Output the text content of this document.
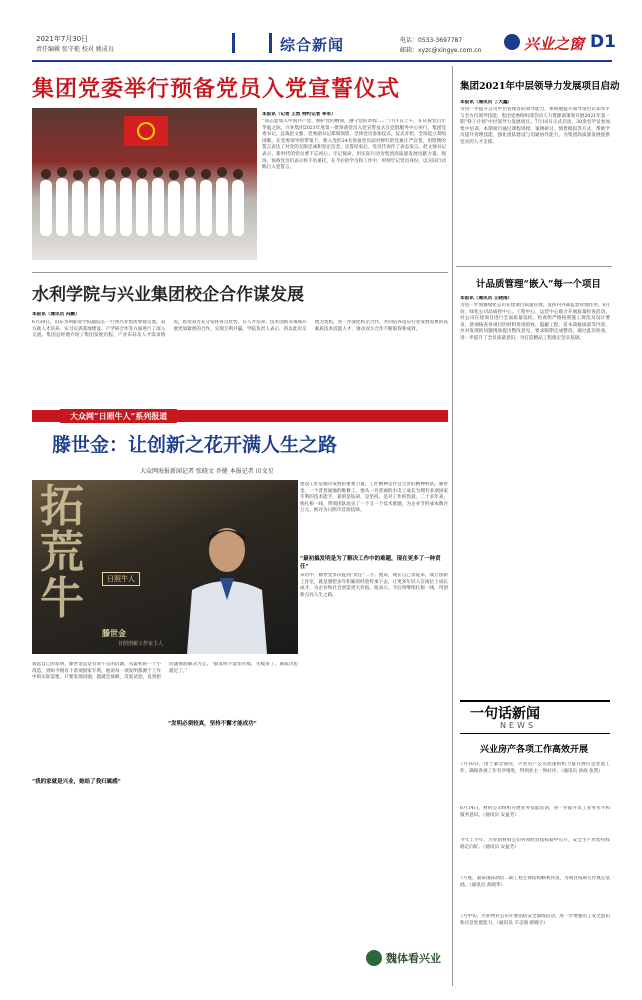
2021年7月30日
责任编辑 张守艳 校对 姚成良	综合新闻	电话：0533-3697787
邮箱：xyzc@xingye.com.cn	兴业之窗 D1
集团党委举行预备党员入党宣誓仪式
本报讯（记者 王然 特约记者 李军）
“我志愿加入中国共产党，拥护党的纲领，遵守党的章程……”7月1日上午，在庆祝党百年华诞之际，兴业集团2021年度第一批预备党员入党宣誓仪式在党群服务中心举行，集团党委书记、总裁赵文强、党委副书记郑瑞领誓，全体党员参加仪式。仪式开始，全场起立奏唱国歌。在党委领导的带领下，新入党的24名预备党员面对鲜红的党旗庄严宣誓，用铿锵的誓言表达了对党的无限忠诚和坚定信念。宣誓结束后，党员代表作了表态发言。赵文强书记表示，新时代的党员要不忘初心、牢记使命，用实际行动为集团高质量发展贡献力量。现场，预备党员们表示将不负重托，在今后的学习和工作中，时刻牢记党员身份，以实际行动践行入党誓言。
水利学院与兴业集团校企合作谋发展
本报讯（通讯员 冯鹏）
6月30日，山东水利职业学院副院长一行到兴业集团参观交流。双方就人才培养、实习实训基地建设、产学研合作等方面进行了深入交流。集团总经理介绍了集团发展历程、产业布局及人才需求情况，希望双方充分发挥各自优势，在人才培养、技术创新等领域开展更加紧密的合作，实现互利共赢。学院负责人表示，将以此次交流为契机，进一步深化校企合作，共同培养适应行业发展需要的高素质技术技能人才，推动双方合作不断取得新成效。
大众网“日照牛人”系列报道
滕世金：让创新之花开满人生之路
大众网海报新闻记者 张晓文 乔健 本报记者 田文星
拓荒牛	日照牛人
滕世金
日照创新工作室主人
建设工匠是城市发展的重要力量，工匠精神是社会宝贵的精神财富。滕世金，一个普普通通的维修工，他从一名普通的水电工成长为拥有多项国家专利的技术能手，靠的是钻研、是坚持、是对工作的热爱。二十多年来，他扎根一线，带领团队攻克了一个又一个技术难题，为企业节约成本数百万元，被评为日照市首席技师。
“最初搞发明是为了解决工作中的难题，现在更多了一种责任”
采访中，滕世金多次提到“责任”二字。他说，现在自己带徒弟，成立创新工作室，就是想把多年积累的经验传承下去，让更多年轻人在岗位上成长成才，为企业和社会创造更大价值。他表示，今后将继续扎根一线，用创新点亮人生之路。
谈起自己的发明，滕世金总是有说不完的话题。从最初的一个小改造，到如今拥有十余项国家专利，他说每一项发明都源于工作中的实际需要。只要发现问题，他就会琢磨，反复试验，直到把问题彻底解决为止。“搞发明不能怕失败，失败多了，离成功也就近了。”
“我的家就是兴业，她给了我归属感”
“发明必须较真，坚持不懈才能成功”
集团2021年中层领导力发展项目启动
本报讯（通讯员 丁大鑫）
为进一步提升公司中层管理者的领导能力，系统地提升领导角色认知水平与全方位领导技能，集团党委组织部会同人力资源部策划开展2021年第一期“脊干计划”中层领导力发展项目。7月16日正式启动，30余名学员参加集中培训。本期项目通过课程讲授、案例研讨、情景模拟等方式，帮助学员提升管理技能，强化团队建设与沟通协作能力，为集团高质量发展提供坚实的人才支撑。
计品质管理“嵌入”每一个项目
本报讯（通讯员 王晓雨）
为进一步加强绿化公司在建项目质量管理，发挥内外部监督管理作用，6月份，绿化公司品质控中心、工程中心、运营中心联合开展质量检查活动，对公司在建项目进行全面质量巡检。检查组严格按照施工规范及设计要求，逐项核查各项目的材料进场验收、隐蔽工程、苗木栽植质量等内容，并对发现的问题现场提出整改意见，要求限期完成整改。通过此次检查，进一步提升了全员质量意识，为打造精品工程奠定坚实基础。
一句话新闻
NEWS
兴业房产各项工作高效开展
7月10日，由于紧急情况，兴业房产公司迅速组织力量开展应急处置工作，确保各项工作有序推进，得到业主一致好评。（通讯员 孙政 张凯）
6月14日，材料公司组织开展业务技能培训，进一步提升员工业务水平和服务意识。（通讯员 安盆芳）
今年上半年，兴业新材料公司各项经营指标稳中有升，安全生产形势持续稳定向好。（通讯员 安盆芳）
7月底，嘉泰国际酒店二期工程主体结构顺利封顶，为项目按期交付奠定基础。（通讯员 高晓华）
7月中旬，兴业物业公司开展消防安全演练活动，进一步增强员工安全意识和应急处置能力。（通讯员 辛志强 蔡晓宇）
魏体看兴业
